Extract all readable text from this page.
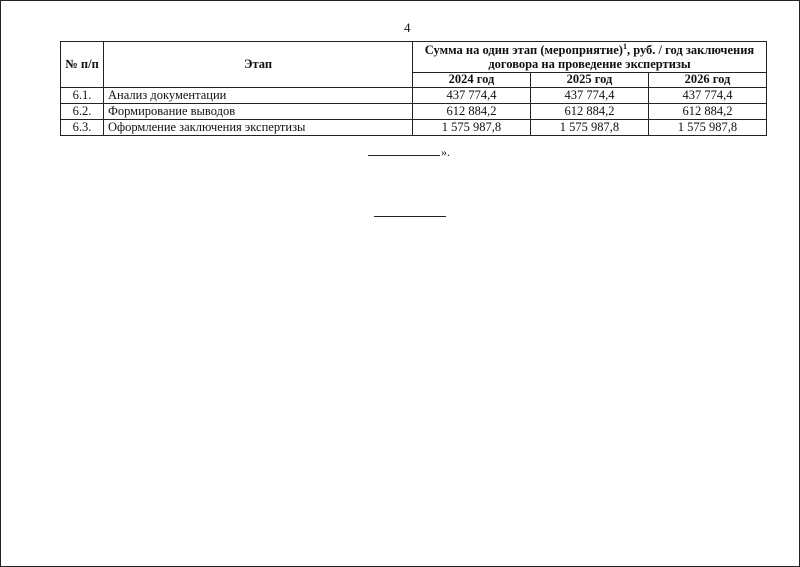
4
№ п/п	Этап	Сумма на один этап (мероприятие)$^1$, руб. / год заключения договора на проведение экспертизы		
		2024 год	2025 год	2026 год
6.1.	Анализ документации	437 774,4	437 774,4	437 774,4
6.2.	Формирование выводов	612 884,2	612 884,2	612 884,2
6.3.	Оформление заключения экспертизы	1 575 987,8	1 575 987,8	1 575 987,8
».
